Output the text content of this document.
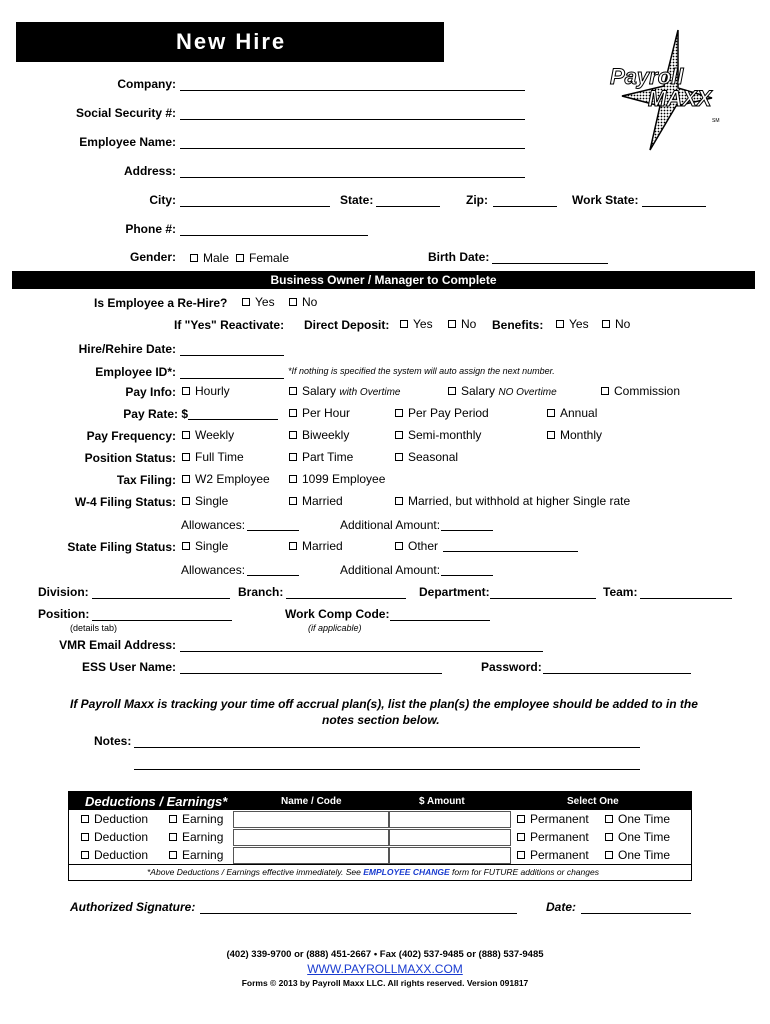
New Hire
Payroll
MAXX
SM
Company:
Social Security #:
Employee Name:
Address:
City:	State:	Zip:	Work State:
Phone #:
Gender:	Male	Female	Birth Date:
Business Owner / Manager to Complete
Is Employee a Re-Hire?	Yes	No
If "Yes" Reactivate: Direct Deposit:	Yes	No Benefits:	Yes	No
Hire/Rehire Date:
Employee ID*:	*If nothing is specified the system will auto assign the next number.
Pay Info:	Hourly	Salary with Overtime	Salary NO Overtime	Commission
Pay Rate: $	Per Hour	Per Pay Period	Annual
Pay Frequency:	Weekly	Biweekly	Semi-monthly	Monthly
Position Status:	Full Time	Part Time	Seasonal
Tax Filing:	W2 Employee	1099 Employee
W-4 Filing Status:	Single	Married	Married, but withhold at higher Single rate
Allowances:	Additional Amount:
State Filing Status:	Single	Married	Other
Allowances:	Additional Amount:
Division:	Branch:	Department:	Team:
Position:
(details tab)
Work Comp Code:
(if applicable)
VMR Email Address:
ESS User Name:	Password:
If Payroll Maxx is tracking your time off accrual plan(s), list the plan(s) the employee should be added to in the
notes section below.
Notes:
Deductions / Earnings*	Name / Code	$ Amount	Select One
Deduction	Earning	Permanent	One Time
Deduction	Earning	Permanent	One Time
Deduction	Earning	Permanent	One Time
*Above Deductions / Earnings effective immediately. See EMPLOYEE CHANGE form for FUTURE additions or changes
Authorized Signature:	Date:
(402) 339-9700 or (888) 451-2667 • Fax (402) 537-9485 or (888) 537-9485
WWW.PAYROLLMAXX.COM
Forms © 2013 by Payroll Maxx LLC. All rights reserved. Version 091817
